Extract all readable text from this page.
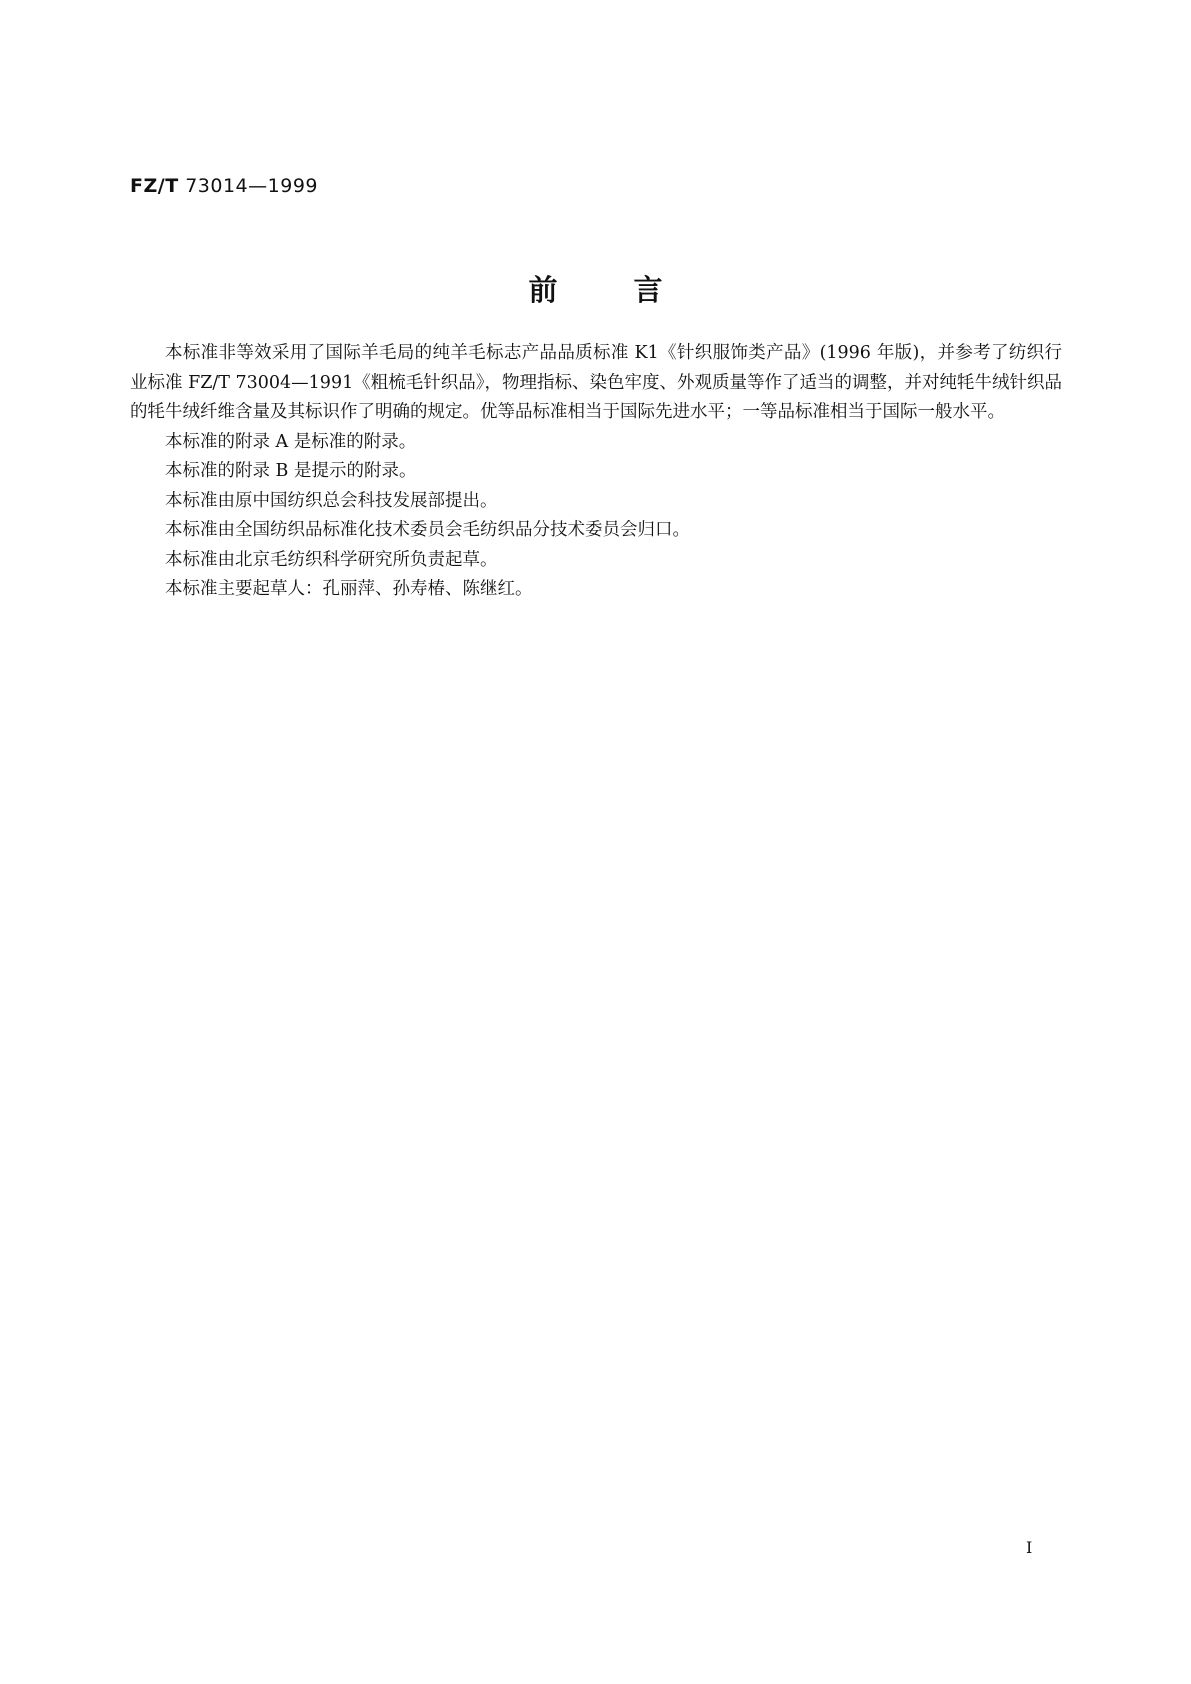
FZ/T 73014—1999
前言

本标准非等效采用了国际羊毛局的纯羊毛标志产品品质标准 K1《针织服饰类产品》(1996 年版)，并参考了纺织行业标准 FZ/T 73004—1991《粗梳毛针织品》，物理指标、染色牢度、外观质量等作了适当的调整，并对纯牦牛绒针织品的牦牛绒纤维含量及其标识作了明确的规定。优等品标准相当于国际先进水平；一等品标准相当于国际一般水平。

本标准的附录 A 是标准的附录。

本标准的附录 B 是提示的附录。

本标准由原中国纺织总会科技发展部提出。

本标准由全国纺织品标准化技术委员会毛纺织品分技术委员会归口。

本标准由北京毛纺织科学研究所负责起草。

本标准主要起草人：孔丽萍、孙寿椿、陈继红。

I
